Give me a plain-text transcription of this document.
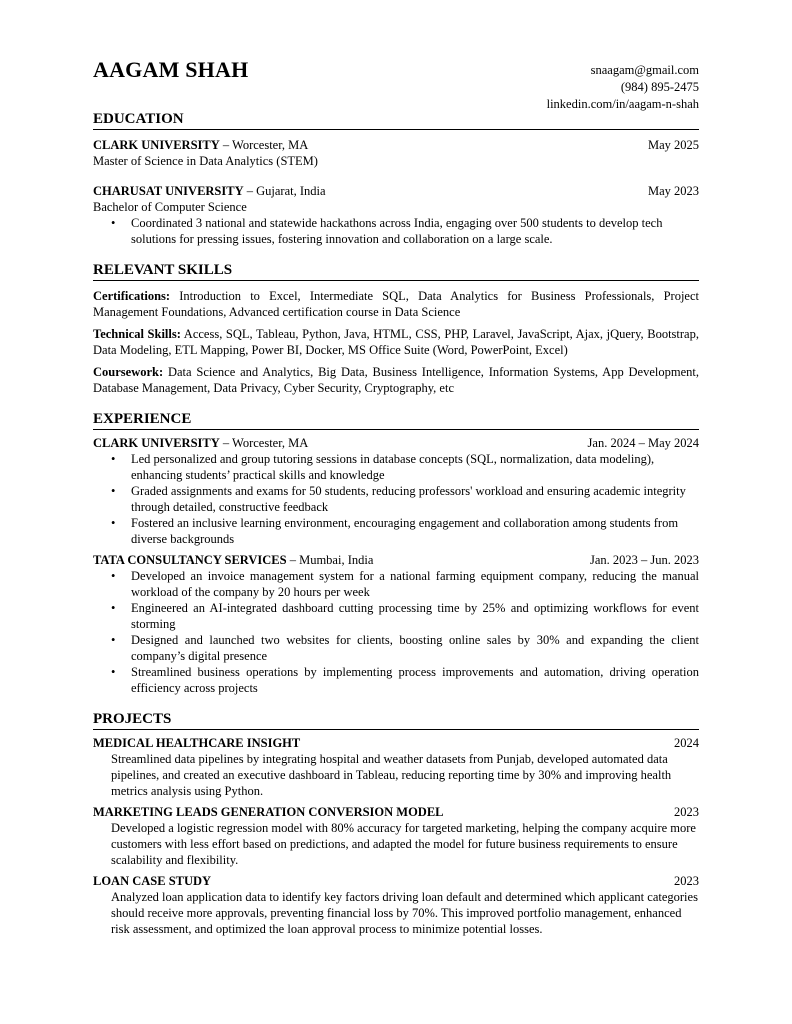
AAGAM SHAH	snaagam@gmail.com
(984) 895-2475
linkedin.com/in/aagam-n-shah
EDUCATION
CLARK UNIVERSITY – Worcester, MA	May 2025
Master of Science in Data Analytics (STEM)
CHARUSAT UNIVERSITY – Gujarat, India	May 2023
Bachelor of Computer Science
• Coordinated 3 national and statewide hackathons across India, engaging over 500 students to develop tech solutions for pressing issues, fostering innovation and collaboration on a large scale.
RELEVANT SKILLS
Certifications: Introduction to Excel, Intermediate SQL, Data Analytics for Business Professionals, Project Management Foundations, Advanced certification course in Data Science
Technical Skills: Access, SQL, Tableau, Python, Java, HTML, CSS, PHP, Laravel, JavaScript, Ajax, jQuery, Bootstrap, Data Modeling, ETL Mapping, Power BI, Docker, MS Office Suite (Word, PowerPoint, Excel)
Coursework: Data Science and Analytics, Big Data, Business Intelligence, Information Systems, App Development, Database Management, Data Privacy, Cyber Security, Cryptography, etc
EXPERIENCE
CLARK UNIVERSITY – Worcester, MA	Jan. 2024 – May 2024
• Led personalized and group tutoring sessions in database concepts (SQL, normalization, data modeling), enhancing students’ practical skills and knowledge
• Graded assignments and exams for 50 students, reducing professors' workload and ensuring academic integrity through detailed, constructive feedback
• Fostered an inclusive learning environment, encouraging engagement and collaboration among students from diverse backgrounds
TATA CONSULTANCY SERVICES – Mumbai, India	Jan. 2023 – Jun. 2023
• Developed an invoice management system for a national farming equipment company, reducing the manual workload of the company by 20 hours per week
• Engineered an AI-integrated dashboard cutting processing time by 25% and optimizing workflows for event storming
• Designed and launched two websites for clients, boosting online sales by 30% and expanding the client company’s digital presence
• Streamlined business operations by implementing process improvements and automation, driving operation efficiency across projects
PROJECTS
MEDICAL HEALTHCARE INSIGHT	2024
Streamlined data pipelines by integrating hospital and weather datasets from Punjab, developed automated data pipelines, and created an executive dashboard in Tableau, reducing reporting time by 30% and improving health metrics analysis using Python.
MARKETING LEADS GENERATION CONVERSION MODEL	2023
Developed a logistic regression model with 80% accuracy for targeted marketing, helping the company acquire more customers with less effort based on predictions, and adapted the model for future business requirements to ensure scalability and flexibility.
LOAN CASE STUDY	2023
Analyzed loan application data to identify key factors driving loan default and determined which applicant categories should receive more approvals, preventing financial loss by 70%. This improved portfolio management, enhanced risk assessment, and optimized the loan approval process to minimize potential losses.
